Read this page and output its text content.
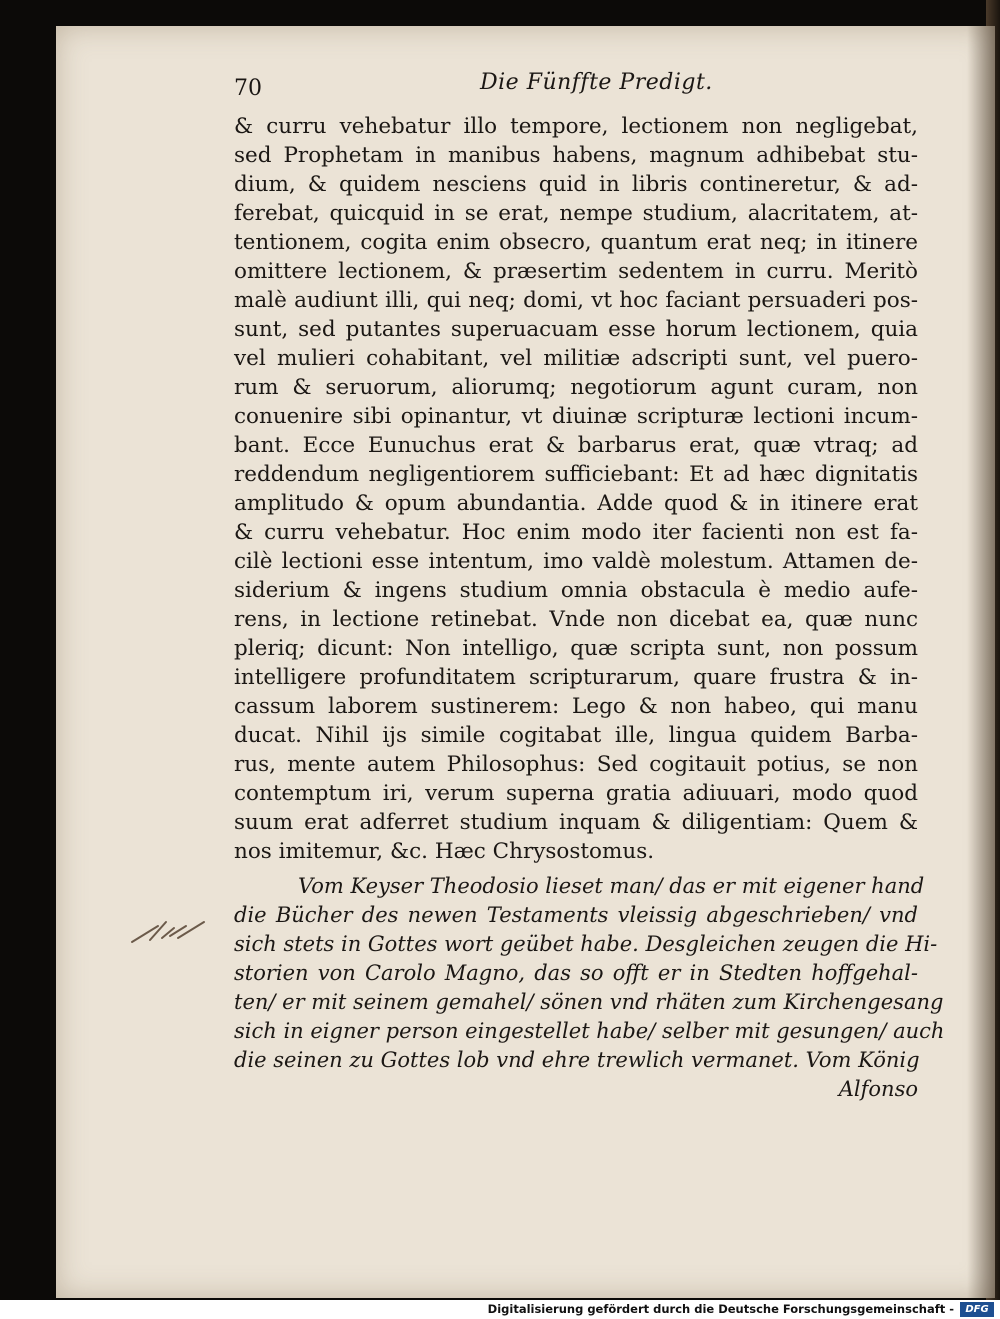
70	Die Fünffte Predigt.
& curru vehebatur illo tempore, lectionem non negligebat,
sed Prophetam in manibus habens, magnum adhibebat stu-
dium, & quidem nesciens quid in libris contineretur, & ad-
ferebat, quicquid in se erat, nempe studium, alacritatem, at-
tentionem, cogita enim obsecro, quantum erat neq; in itinere
omittere lectionem, & præsertim sedentem in curru. Meritò
malè audiunt illi, qui neq; domi, vt hoc faciant persuaderi pos-
sunt, sed putantes superuacuam esse horum lectionem, quia
vel mulieri cohabitant, vel militiæ adscripti sunt, vel puero-
rum & seruorum, aliorumq; negotiorum agunt curam, non
conuenire sibi opinantur, vt diuinæ scripturæ lectioni incum-
bant. Ecce Eunuchus erat & barbarus erat, quæ vtraq; ad
reddendum negligentiorem sufficiebant: Et ad hæc dignitatis
amplitudo & opum abundantia. Adde quod & in itinere erat
& curru vehebatur. Hoc enim modo iter facienti non est fa-
cilè lectioni esse intentum, imo valdè molestum. Attamen de-
siderium & ingens studium omnia obstacula è medio aufe-
rens, in lectione retinebat. Vnde non dicebat ea, quæ nunc
pleriq; dicunt: Non intelligo, quæ scripta sunt, non possum
intelligere profunditatem scripturarum, quare frustra & in-
cassum laborem sustinerem: Lego & non habeo, qui manu
ducat. Nihil ijs simile cogitabat ille, lingua quidem Barba-
rus, mente autem Philosophus: Sed cogitauit potius, se non
contemptum iri, verum superna gratia adiuuari, modo quod
suum erat adferret studium inquam & diligentiam: Quem &
nos imitemur, &c. Hæc Chrysostomus.
Vom Keyser Theodosio lieset man/ das er mit eigener hand
die Bücher des newen Testaments vleissig abgeschrieben/ vnd
sich stets in Gottes wort geübet habe. Desgleichen zeugen die Hi-
storien von Carolo Magno, das so offt er in Stedten hoffgehal-
ten/ er mit seinem gemahel/ sönen vnd rhäten zum Kirchengesang
sich in eigner person eingestellet habe/ selber mit gesungen/ auch
die seinen zu Gottes lob vnd ehre trewlich vermanet. Vom König
Alfonso
Digitalisierung gefördert durch die Deutsche Forschungsgemeinschaft -	DFG
